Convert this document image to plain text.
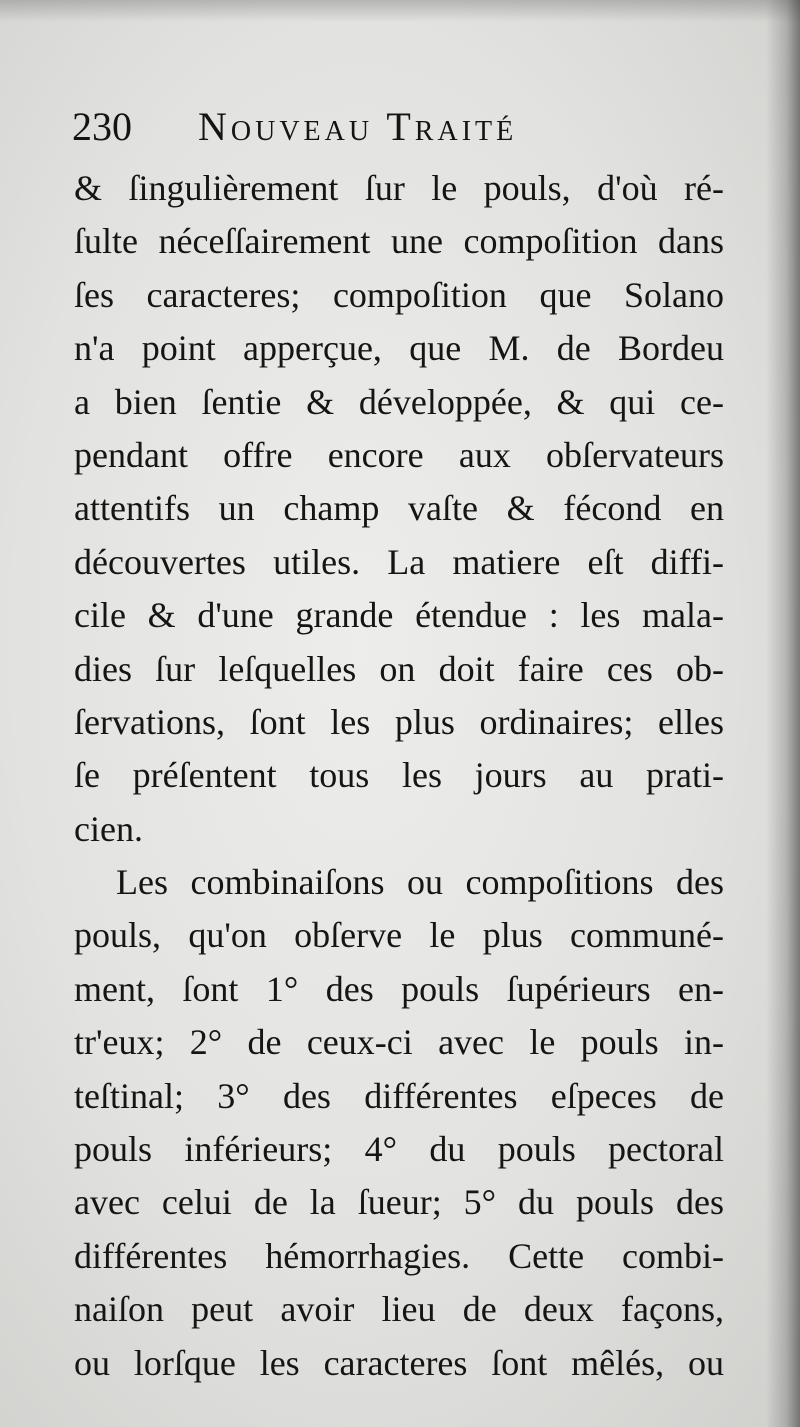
230 Nouveau Traité
& ſingulièrement ſur le pouls, d'où ré-
ſulte néceſſairement une compoſition dans
ſes caracteres; compoſition que Solano
n'a point apperçue, que M. de Bordeu
a bien ſentie & développée, & qui ce-
pendant offre encore aux obſervateurs
attentifs un champ vaſte & fécond en
découvertes utiles. La matiere eſt diffi-
cile & d'une grande étendue : les mala-
dies ſur leſquelles on doit faire ces ob-
ſervations, ſont les plus ordinaires; elles
ſe préſentent tous les jours au prati-
cien.
Les combinaiſons ou compoſitions des
pouls, qu'on obſerve le plus communé-
ment, ſont 1° des pouls ſupérieurs en-
tr'eux; 2° de ceux-ci avec le pouls in-
teſtinal; 3° des différentes eſpeces de
pouls inférieurs; 4° du pouls pectoral
avec celui de la ſueur; 5° du pouls des
différentes hémorrhagies. Cette combi-
naiſon peut avoir lieu de deux façons,
ou lorſque les caracteres ſont mêlés, ou
